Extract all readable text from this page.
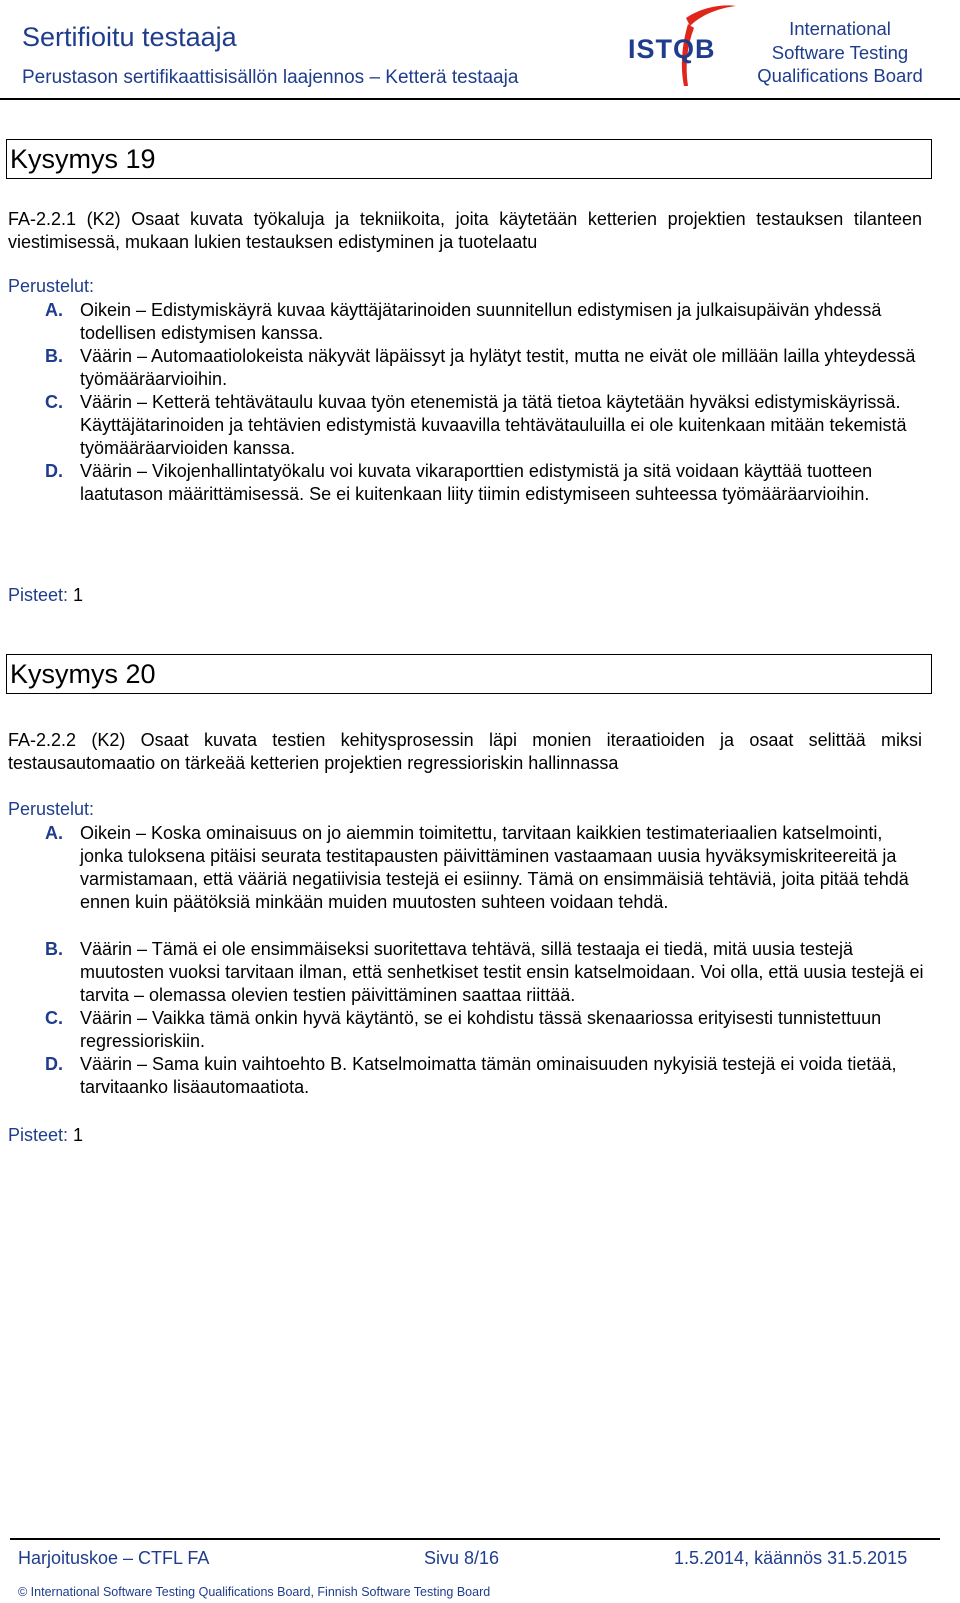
Sertifioitu testaaja
Perustason sertifikaattisisällön laajennos – Ketterä testaaja
ISTQB
International
Software Testing
Qualifications Board
Kysymys 19
FA-2.2.1 (K2) Osaat kuvata työkaluja ja tekniikoita, joita käytetään ketterien projektien testauksen tilanteen viestimisessä, mukaan lukien testauksen edistyminen ja tuotelaatu
Perustelut:
A. Oikein – Edistymiskäyrä kuvaa käyttäjätarinoiden suunnitellun edistymisen ja julkaisupäivän yhdessä todellisen edistymisen kanssa.
B. Väärin – Automaatiolokeista näkyvät läpäissyt ja hylätyt testit, mutta ne eivät ole millään lailla yhteydessä työmääräarvioihin.
C. Väärin – Ketterä tehtävätaulu kuvaa työn etenemistä ja tätä tietoa käytetään hyväksi edistymiskäyrissä. Käyttäjätarinoiden ja tehtävien edistymistä kuvaavilla tehtävätauluilla ei ole kuitenkaan mitään tekemistä työmääräarvioiden kanssa.
D. Väärin – Vikojenhallintatyökalu voi kuvata vikaraporttien edistymistä ja sitä voidaan käyttää tuotteen laatutason määrittämisessä. Se ei kuitenkaan liity tiimin edistymiseen suhteessa työmääräarvioihin.
Pisteet: 1
Kysymys 20
FA-2.2.2 (K2) Osaat kuvata testien kehitysprosessin läpi monien iteraatioiden ja osaat selittää miksi testausautomaatio on tärkeää ketterien projektien regressioriskin hallinnassa
Perustelut:
A. Oikein – Koska ominaisuus on jo aiemmin toimitettu, tarvitaan kaikkien testimateriaalien katselmointi, jonka tuloksena pitäisi seurata testitapausten päivittäminen vastaamaan uusia hyväksymiskriteereitä ja varmistamaan, että vääriä negatiivisia testejä ei esiinny. Tämä on ensimmäisiä tehtäviä, joita pitää tehdä ennen kuin päätöksiä minkään muiden muutosten suhteen voidaan tehdä.
B. Väärin – Tämä ei ole ensimmäiseksi suoritettava tehtävä, sillä testaaja ei tiedä, mitä uusia testejä muutosten vuoksi tarvitaan ilman, että senhetkiset testit ensin katselmoidaan. Voi olla, että uusia testejä ei tarvita – olemassa olevien testien päivittäminen saattaa riittää.
C. Väärin – Vaikka tämä onkin hyvä käytäntö, se ei kohdistu tässä skenaariossa erityisesti tunnistettuun regressioriskiin.
D. Väärin – Sama kuin vaihtoehto B. Katselmoimatta tämän ominaisuuden nykyisiä testejä ei voida tietää, tarvitaanko lisäautomaatiota.
Pisteet: 1
Harjoituskoe – CTFL FA	Sivu 8/16	1.5.2014, käännös 31.5.2015
© International Software Testing Qualifications Board, Finnish Software Testing Board
